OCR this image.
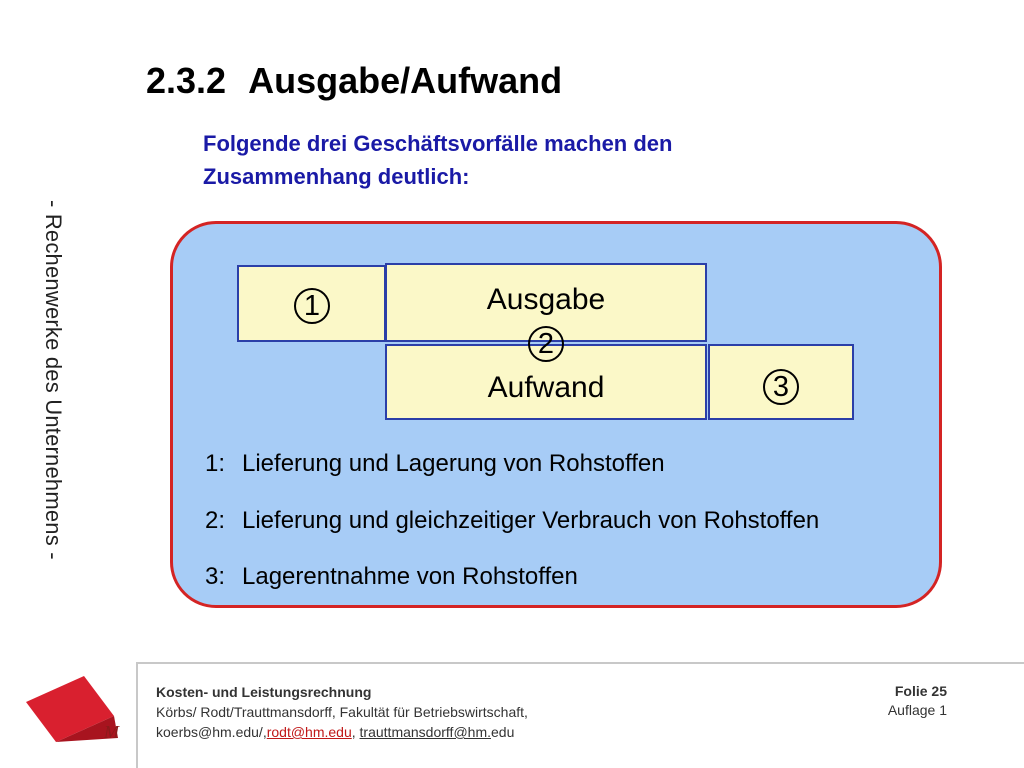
2.3.2 Ausgabe/Aufwand
Folgende drei Geschäftsvorfälle machen den Zusammenhang deutlich:
- Rechenwerke des Unternehmens -	Ausgabe
Aufwand
1
2
3
1: Lieferung und Lagerung von Rohstoffen
2: Lieferung und gleichzeitiger Verbrauch von Rohstoffen
3: Lagerentnahme von Rohstoffen
M
Kosten- und Leistungsrechnung
Körbs/ Rodt/Trauttmansdorff, Fakultät für Betriebswirtschaft,
koerbs@hm.edu/,rodt@hm.edu, trauttmansdorff@hm.edu
Folie 25
Auflage 1
